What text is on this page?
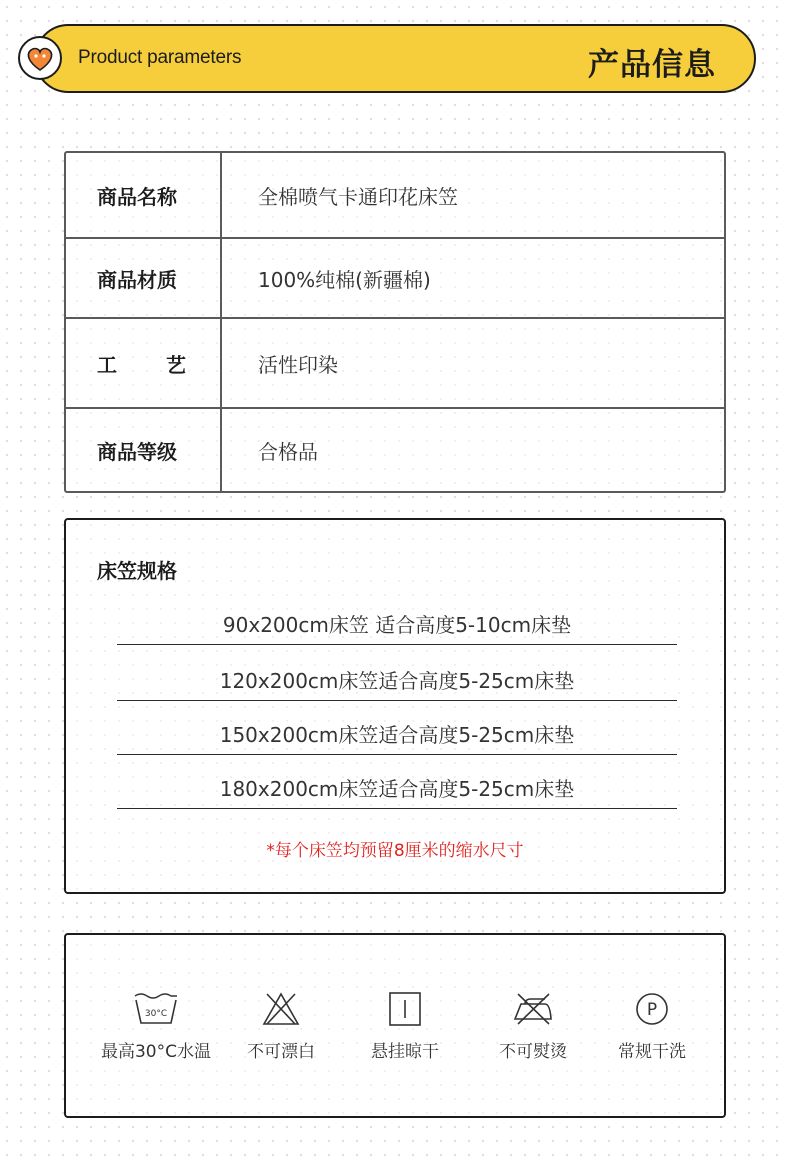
Product parameters	产品信息
商品名称	全棉喷气卡通印花床笠
商品材质	100%纯棉(新疆棉)
工 艺	活性印染
商品等级	合格品
床笠规格
90x200cm床笠 适合高度5-10cm床垫
120x200cm床笠适合高度5-25cm床垫
150x200cm床笠适合高度5-25cm床垫
180x200cm床笠适合高度5-25cm床垫
*每个床笠均预留8厘米的缩水尺寸
30°C
最高30°C水温	不可漂白	悬挂晾干	不可熨烫
P
常规干洗
